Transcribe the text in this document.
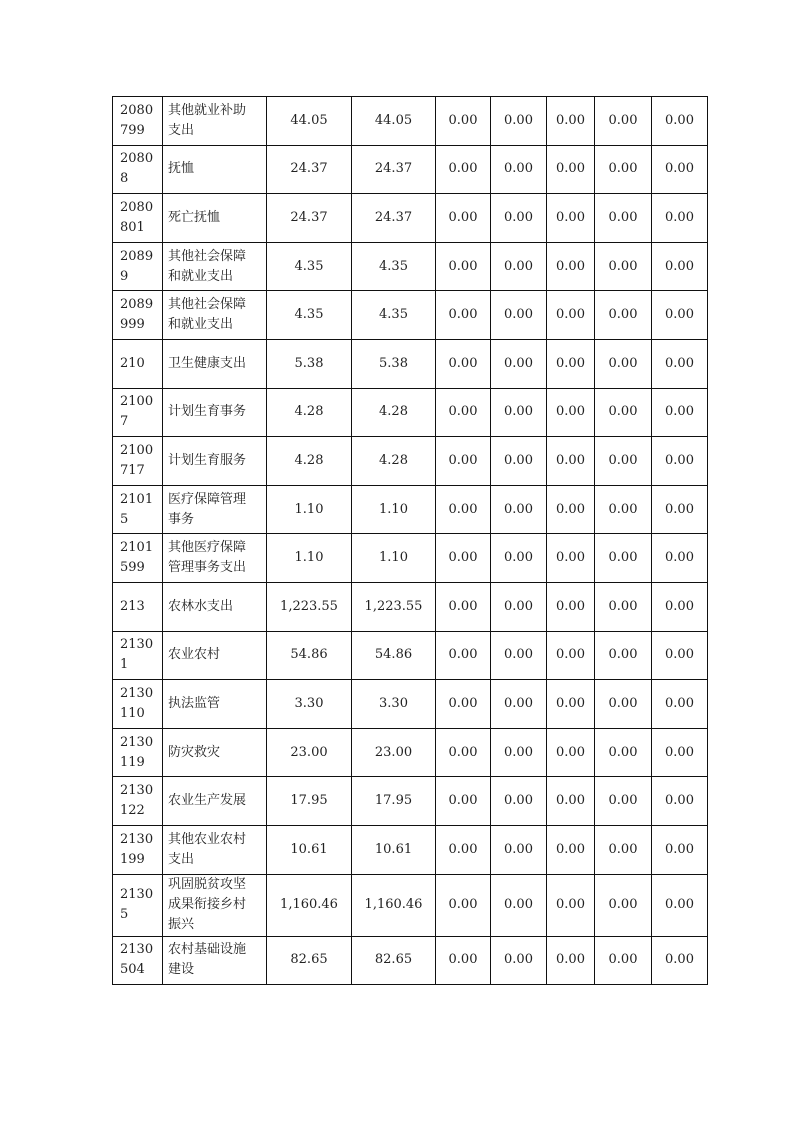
2080
799	其他就业补助
支出	44.05	44.05	0.00	0.00	0.00	0.00	0.00
2080
8	抚恤	24.37	24.37	0.00	0.00	0.00	0.00	0.00
2080
801	死亡抚恤	24.37	24.37	0.00	0.00	0.00	0.00	0.00
2089
9	其他社会保障
和就业支出	4.35	4.35	0.00	0.00	0.00	0.00	0.00
2089
999	其他社会保障
和就业支出	4.35	4.35	0.00	0.00	0.00	0.00	0.00
210	卫生健康支出	5.38	5.38	0.00	0.00	0.00	0.00	0.00
2100
7	计划生育事务	4.28	4.28	0.00	0.00	0.00	0.00	0.00
2100
717	计划生育服务	4.28	4.28	0.00	0.00	0.00	0.00	0.00
2101
5	医疗保障管理
事务	1.10	1.10	0.00	0.00	0.00	0.00	0.00
2101
599	其他医疗保障
管理事务支出	1.10	1.10	0.00	0.00	0.00	0.00	0.00
213	农林水支出	1,223.55	1,223.55	0.00	0.00	0.00	0.00	0.00
2130
1	农业农村	54.86	54.86	0.00	0.00	0.00	0.00	0.00
2130
110	执法监管	3.30	3.30	0.00	0.00	0.00	0.00	0.00
2130
119	防灾救灾	23.00	23.00	0.00	0.00	0.00	0.00	0.00
2130
122	农业生产发展	17.95	17.95	0.00	0.00	0.00	0.00	0.00
2130
199	其他农业农村
支出	10.61	10.61	0.00	0.00	0.00	0.00	0.00
2130
5	巩固脱贫攻坚
成果衔接乡村
振兴	1,160.46	1,160.46	0.00	0.00	0.00	0.00	0.00
2130
504	农村基础设施
建设	82.65	82.65	0.00	0.00	0.00	0.00	0.00
